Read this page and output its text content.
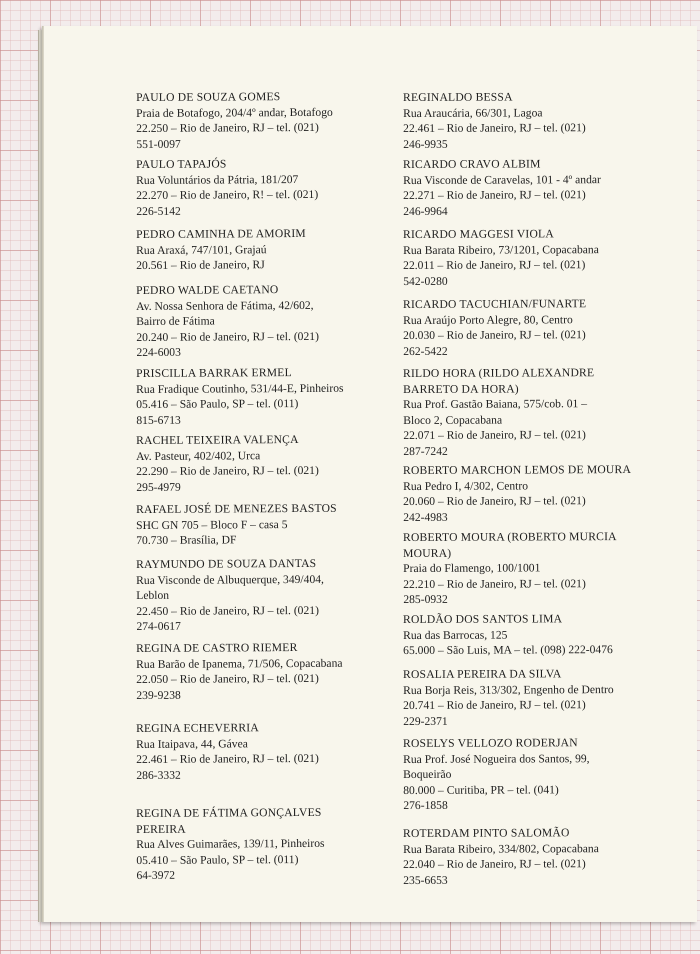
PAULO DE SOUZA GOMES
Praia de Botafogo, 204/4º andar, Botafogo
22.250 – Rio de Janeiro, RJ – tel. (021)
551-0097
PAULO TAPAJÓS
Rua Voluntários da Pátria, 181/207
22.270 – Rio de Janeiro, R! – tel. (021)
226-5142
PEDRO CAMINHA DE AMORIM
Rua Araxá, 747/101, Grajaú
20.561 – Rio de Janeiro, RJ
PEDRO WALDE CAETANO
Av. Nossa Senhora de Fátima, 42/602,
Bairro de Fátima
20.240 – Rio de Janeiro, RJ – tel. (021)
224-6003
PRISCILLA BARRAK ERMEL
Rua Fradique Coutinho, 531/44-E, Pinheiros
05.416 – São Paulo, SP – tel. (011)
815-6713
RACHEL TEIXEIRA VALENÇA
Av. Pasteur, 402/402, Urca
22.290 – Rio de Janeiro, RJ – tel. (021)
295-4979
RAFAEL JOSÉ DE MENEZES BASTOS
SHC GN 705 – Bloco F – casa 5
70.730 – Brasília, DF
RAYMUNDO DE SOUZA DANTAS
Rua Visconde de Albuquerque, 349/404,
Leblon
22.450 – Rio de Janeiro, RJ – tel. (021)
274-0617
REGINA DE CASTRO RIEMER
Rua Barão de Ipanema, 71/506, Copacabana
22.050 – Rio de Janeiro, RJ – tel. (021)
239-9238
REGINA ECHEVERRIA
Rua Itaipava, 44, Gávea
22.461 – Rio de Janeiro, RJ – tel. (021)
286-3332
REGINA DE FÁTIMA GONÇALVES
PEREIRA
Rua Alves Guimarães, 139/11, Pinheiros
05.410 – São Paulo, SP – tel. (011)
64-3972
REGINALDO BESSA
Rua Araucária, 66/301, Lagoa
22.461 – Rio de Janeiro, RJ – tel. (021)
246-9935
RICARDO CRAVO ALBIM
Rua Visconde de Caravelas, 101 - 4º andar
22.271 – Rio de Janeiro, RJ – tel. (021)
246-9964
RICARDO MAGGESI VIOLA
Rua Barata Ribeiro, 73/1201, Copacabana
22.011 – Rio de Janeiro, RJ – tel. (021)
542-0280
RICARDO TACUCHIAN/FUNARTE
Rua Araújo Porto Alegre, 80, Centro
20.030 – Rio de Janeiro, RJ – tel. (021)
262-5422
RILDO HORA (RILDO ALEXANDRE
BARRETO DA HORA)
Rua Prof. Gastão Baiana, 575/cob. 01 –
Bloco 2, Copacabana
22.071 – Rio de Janeiro, RJ – tel. (021)
287-7242
ROBERTO MARCHON LEMOS DE MOURA
Rua Pedro I, 4/302, Centro
20.060 – Rio de Janeiro, RJ – tel. (021)
242-4983
ROBERTO MOURA (ROBERTO MURCIA
MOURA)
Praia do Flamengo, 100/1001
22.210 – Rio de Janeiro, RJ – tel. (021)
285-0932
ROLDÃO DOS SANTOS LIMA
Rua das Barrocas, 125
65.000 – São Luis, MA – tel. (098) 222-0476
ROSALIA PEREIRA DA SILVA
Rua Borja Reis, 313/302, Engenho de Dentro
20.741 – Rio de Janeiro, RJ – tel. (021)
229-2371
ROSELYS VELLOZO RODERJAN
Rua Prof. José Nogueira dos Santos, 99,
Boqueirão
80.000 – Curitiba, PR – tel. (041)
276-1858
ROTERDAM PINTO SALOMÃO
Rua Barata Ribeiro, 334/802, Copacabana
22.040 – Rio de Janeiro, RJ – tel. (021)
235-6653
